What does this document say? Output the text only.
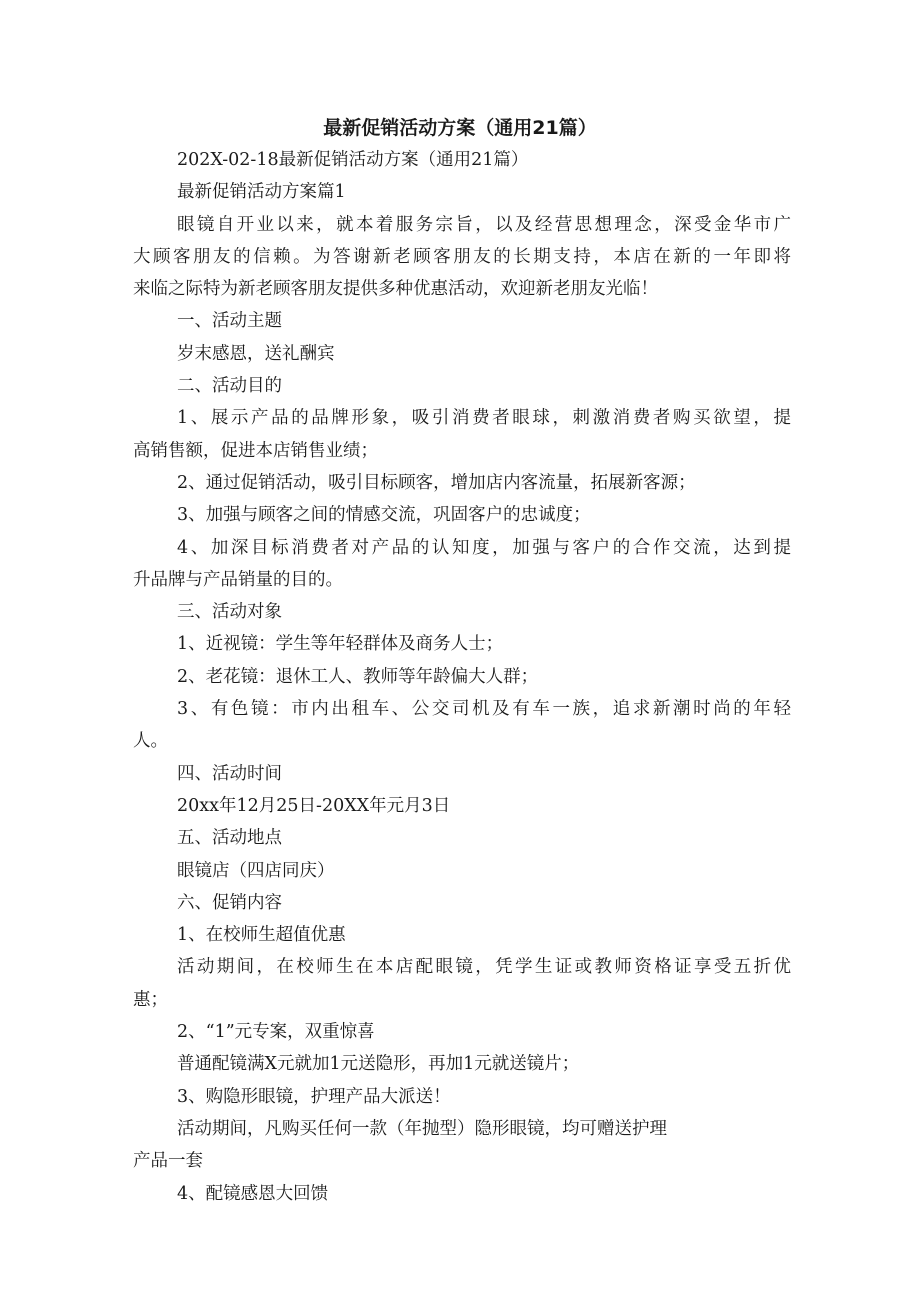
最新促销活动方案（通用21篇）
202X-02-18最新促销活动方案（通用21篇）
最新促销活动方案篇1
眼镜自开业以来，就本着服务宗旨，以及经营思想理念，深受金华市广
大顾客朋友的信赖。为答谢新老顾客朋友的长期支持，本店在新的一年即将
来临之际特为新老顾客朋友提供多种优惠活动，欢迎新老朋友光临！
一、活动主题
岁末感恩，送礼酬宾
二、活动目的
1、展示产品的品牌形象，吸引消费者眼球，刺激消费者购买欲望，提
高销售额，促进本店销售业绩；
2、通过促销活动，吸引目标顾客，增加店内客流量，拓展新客源；
3、加强与顾客之间的情感交流，巩固客户的忠诚度；
4、加深目标消费者对产品的认知度，加强与客户的合作交流，达到提
升品牌与产品销量的目的。
三、活动对象
1、近视镜：学生等年轻群体及商务人士；
2、老花镜：退休工人、教师等年龄偏大人群；
3、有色镜：市内出租车、公交司机及有车一族，追求新潮时尚的年轻
人。
四、活动时间
20xx年12月25日-20XX年元月3日
五、活动地点
眼镜店（四店同庆）
六、促销内容
1、在校师生超值优惠
活动期间，在校师生在本店配眼镜，凭学生证或教师资格证享受五折优
惠；
2、“1”元专案，双重惊喜
普通配镜满X元就加1元送隐形，再加1元就送镜片；
3、购隐形眼镜，护理产品大派送！
活动期间，凡购买任何一款（年抛型）隐形眼镜，均可赠送护理
产品一套
4、配镜感恩大回馈
